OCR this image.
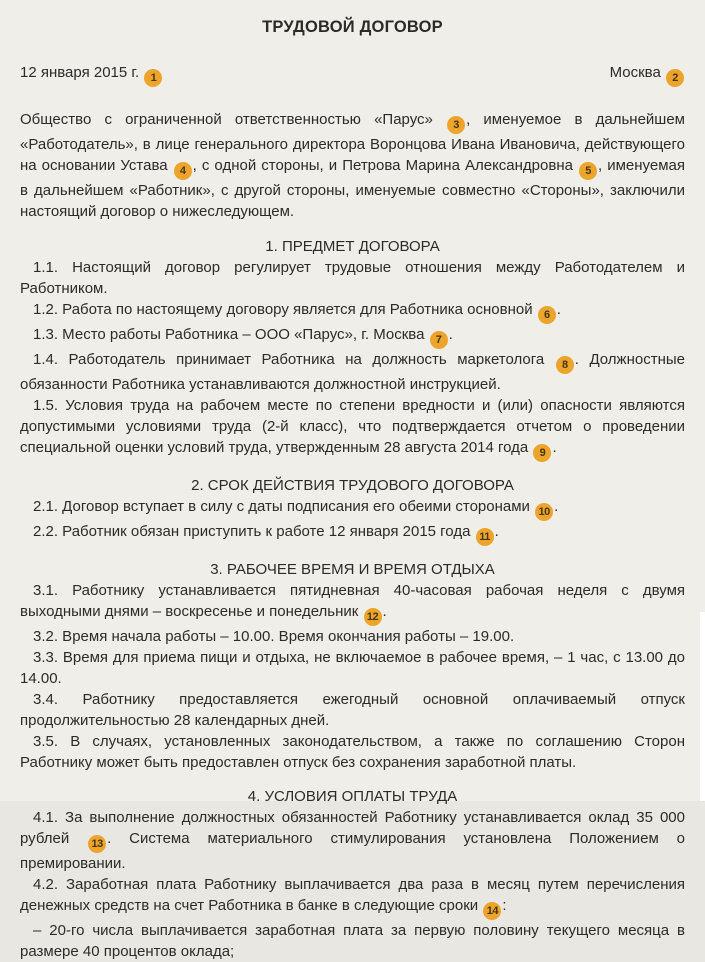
ТРУДОВОЙ ДОГОВОР
12 января 2015 г. 1	Москва 2
Общество с ограниченной ответственностью «Парус» 3 , именуемое в дальнейшем «Работодатель», в лице генерального директора Воронцова Ивана Ивановича, действующего на основании Устава 4 , с одной стороны, и Петрова Марина Александровна 5 , именуемая в дальнейшем «Работник», с другой стороны, именуемые совместно «Стороны», заключили настоящий договор о нижеследующем.
1. ПРЕДМЕТ ДОГОВОРА
1.1. Настоящий договор регулирует трудовые отношения между Работодателем и Работником.
1.2. Работа по настоящему договору является для Работника основной 6 .
1.3. Место работы Работника – ООО «Парус», г. Москва 7 .
1.4. Работодатель принимает Работника на должность маркетолога 8 . Должностные обязанности Работника устанавливаются должностной инструкцией.
1.5. Условия труда на рабочем месте по степени вредности и (или) опасности являются допустимыми условиями труда (2-й класс), что подтверждается отчетом о проведении специальной оценки условий труда, утвержденным 28 августа 2014 года 9 .
2. СРОК ДЕЙСТВИЯ ТРУДОВОГО ДОГОВОРА
2.1. Договор вступает в силу с даты подписания его обеими сторонами 10 .
2.2. Работник обязан приступить к работе 12 января 2015 года 11 .
3. РАБОЧЕЕ ВРЕМЯ И ВРЕМЯ ОТДЫХА
3.1. Работнику устанавливается пятидневная 40-часовая рабочая неделя с двумя выходными днями – воскресенье и понедельник 12 .
3.2. Время начала работы – 10.00. Время окончания работы – 19.00.
3.3. Время для приема пищи и отдыха, не включаемое в рабочее время, – 1 час, с 13.00 до 14.00.
3.4. Работнику предоставляется ежегодный основной оплачиваемый отпуск продолжительностью 28 календарных дней.
3.5. В случаях, установленных законодательством, а также по соглашению Сторон Работнику может быть предоставлен отпуск без сохранения заработной платы.
4. УСЛОВИЯ ОПЛАТЫ ТРУДА
4.1. За выполнение должностных обязанностей Работнику устанавливается оклад 35 000 рублей 13 . Система материального стимулирования установлена Положением о премировании.
4.2. Заработная плата Работнику выплачивается два раза в месяц путем перечисления денежных средств на счет Работника в банке в следующие сроки 14 :
– 20-го числа выплачивается заработная плата за первую половину текущего месяца в размере 40 процентов оклада;
